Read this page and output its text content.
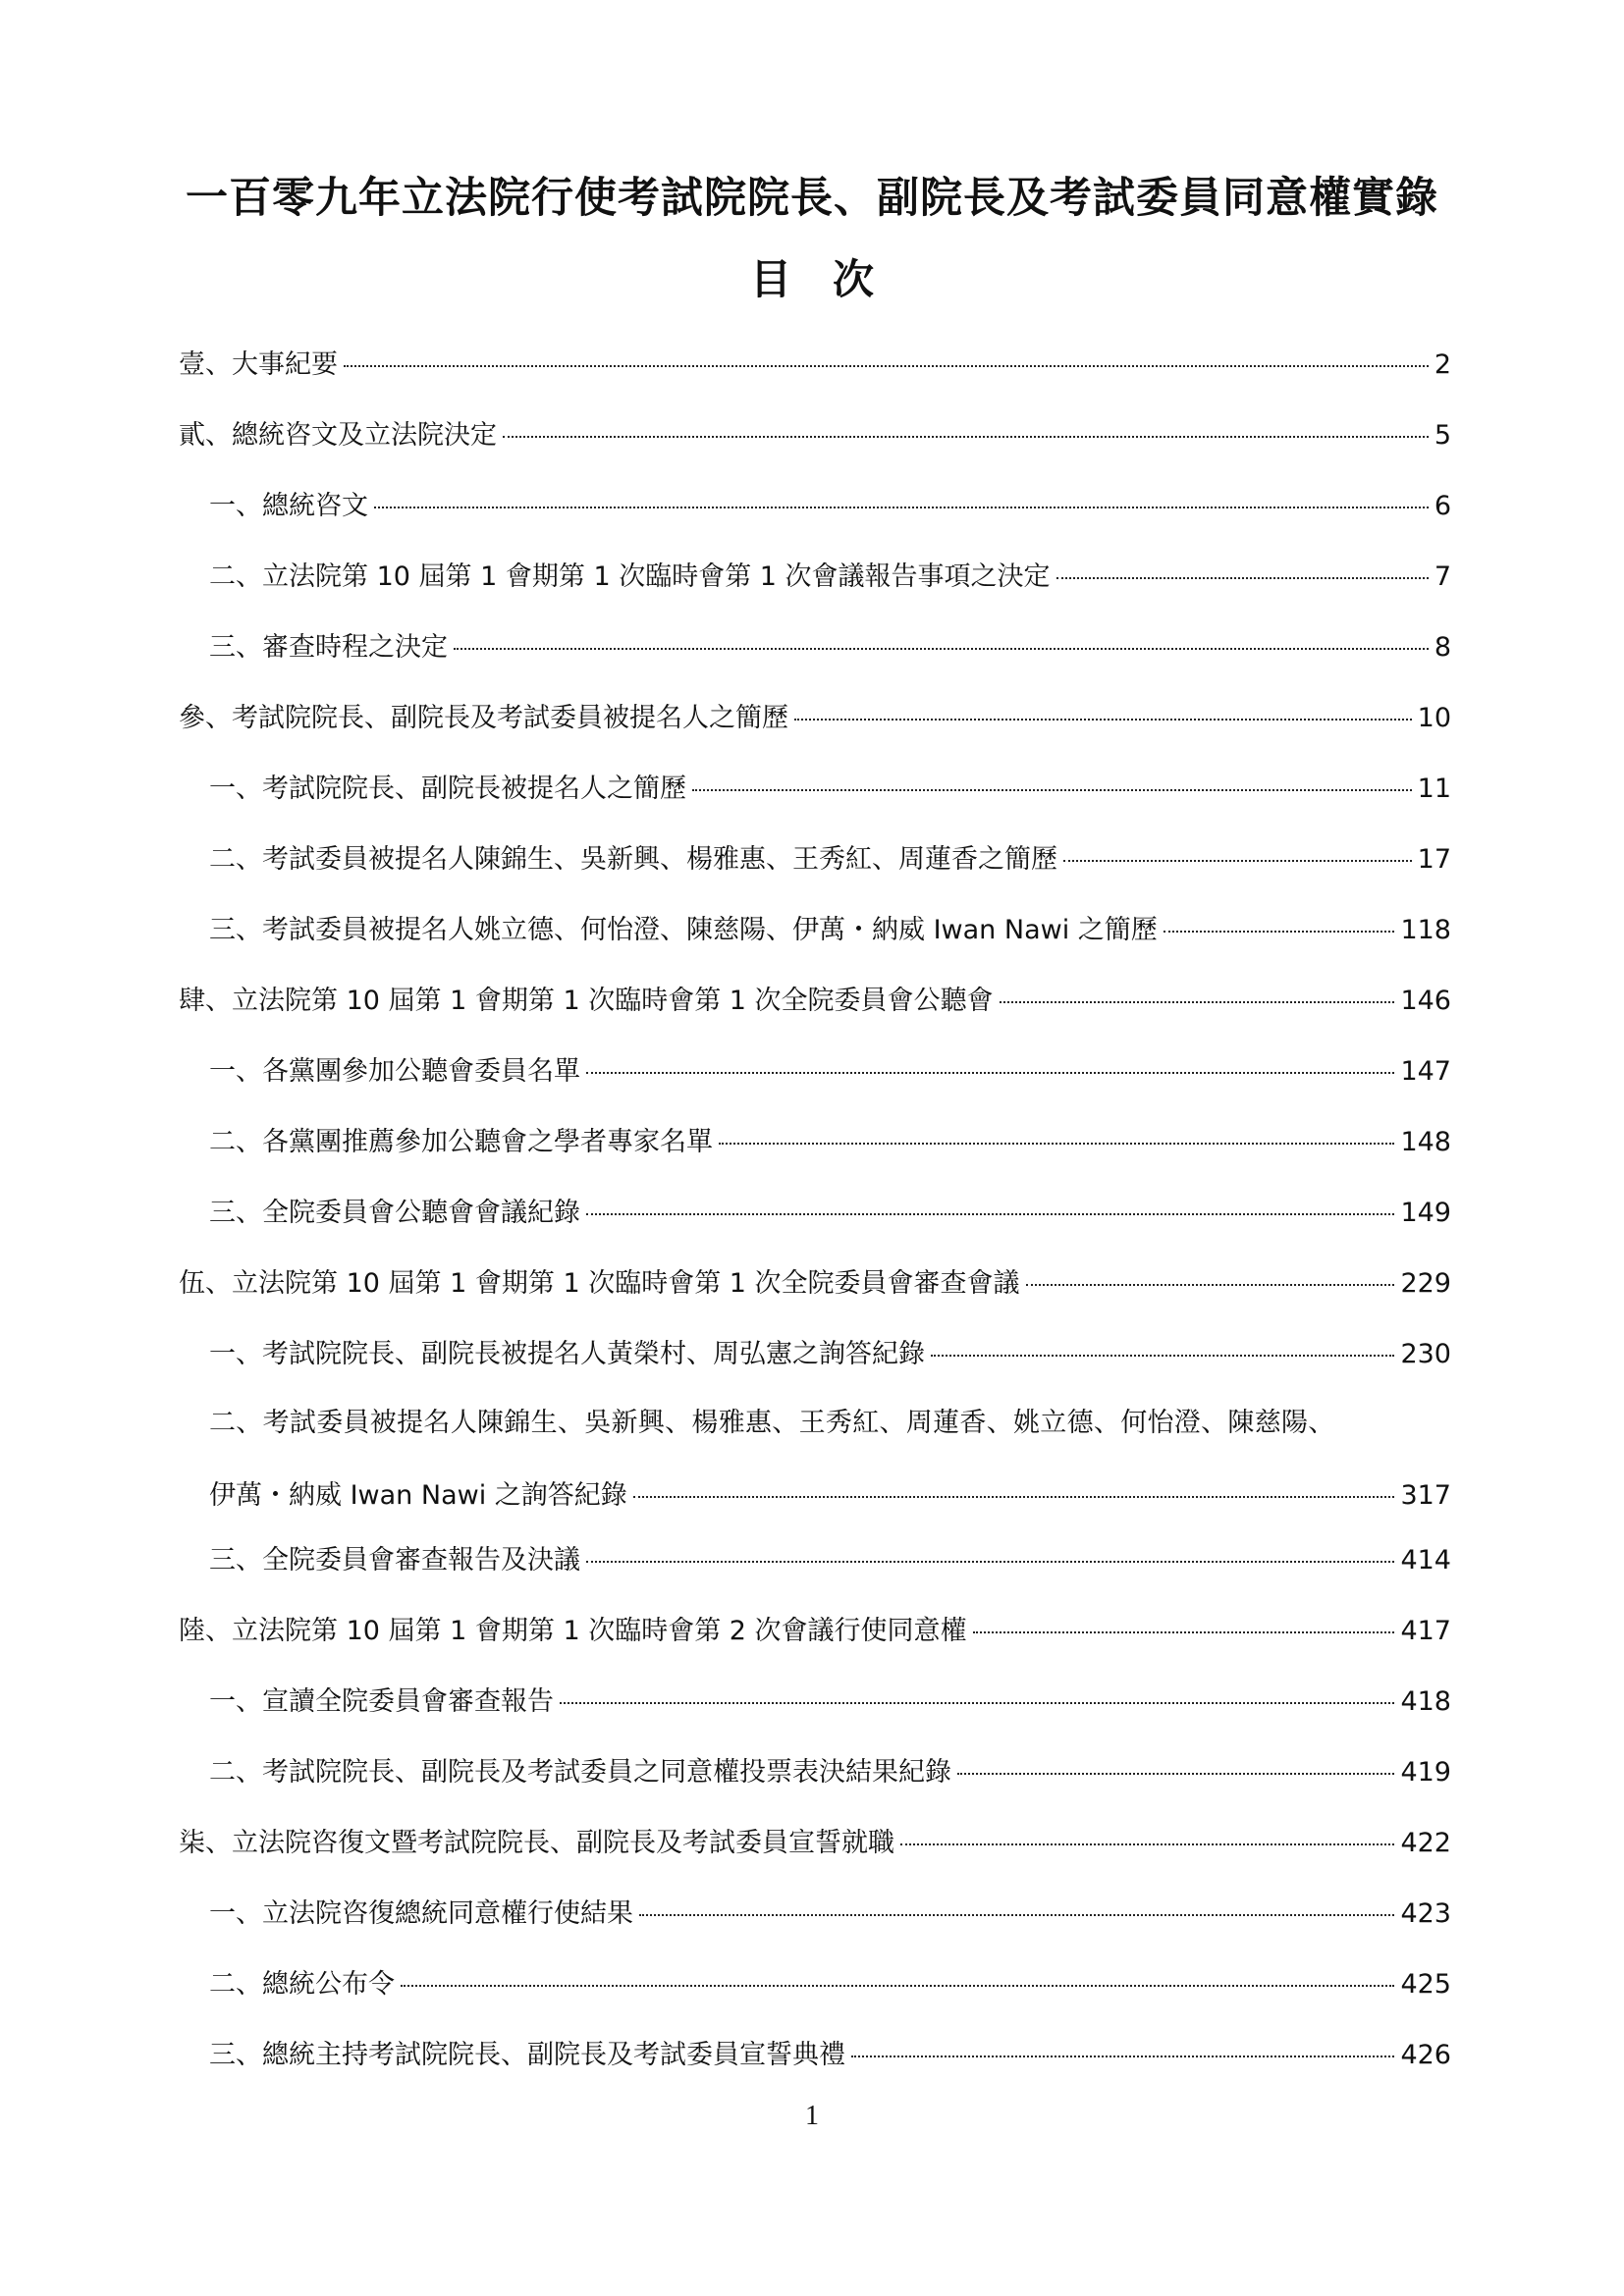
一百零九年立法院行使考試院院長、副院長及考試委員同意權實錄
目　次
壹、大事紀要	2
貳、總統咨文及立法院決定	5
一、總統咨文	6
二、立法院第 10 屆第 1 會期第 1 次臨時會第 1 次會議報告事項之決定	7
三、審查時程之決定	8
參、考試院院長、副院長及考試委員被提名人之簡歷	10
一、考試院院長、副院長被提名人之簡歷	11
二、考試委員被提名人陳錦生、吳新興、楊雅惠、王秀紅、周蓮香之簡歷	17
三、考試委員被提名人姚立德、何怡澄、陳慈陽、伊萬・納威 Iwan Nawi 之簡歷	118
肆、立法院第 10 屆第 1 會期第 1 次臨時會第 1 次全院委員會公聽會	146
一、各黨團參加公聽會委員名單	147
二、各黨團推薦參加公聽會之學者專家名單	148
三、全院委員會公聽會會議紀錄	149
伍、立法院第 10 屆第 1 會期第 1 次臨時會第 1 次全院委員會審查會議	229
一、考試院院長、副院長被提名人黃榮村、周弘憲之詢答紀錄	230
二、考試委員被提名人陳錦生、吳新興、楊雅惠、王秀紅、周蓮香、姚立德、何怡澄、陳慈陽、
伊萬・納威 Iwan Nawi 之詢答紀錄	317
三、全院委員會審查報告及決議	414
陸、立法院第 10 屆第 1 會期第 1 次臨時會第 2 次會議行使同意權	417
一、宣讀全院委員會審查報告	418
二、考試院院長、副院長及考試委員之同意權投票表決結果紀錄	419
柒、立法院咨復文暨考試院院長、副院長及考試委員宣誓就職	422
一、立法院咨復總統同意權行使結果	423
二、總統公布令	425
三、總統主持考試院院長、副院長及考試委員宣誓典禮	426
1
